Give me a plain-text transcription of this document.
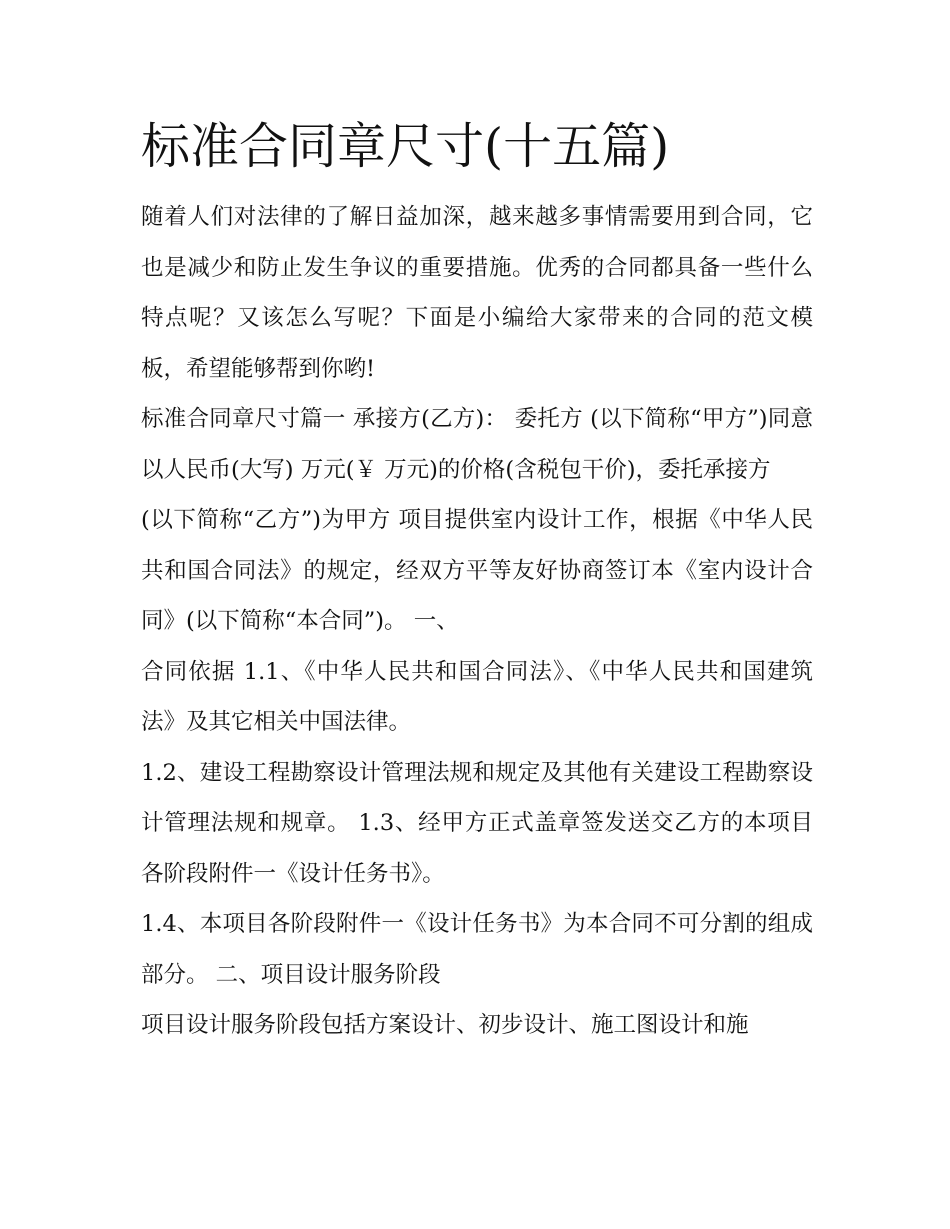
标准合同章尺寸(十五篇)

随着人们对法律的了解日益加深，越来越多事情需要用到合同，它也是减少和防止发生争议的重要措施。优秀的合同都具备一些什么特点呢？又该怎么写呢？下面是小编给大家带来的合同的范文模板，希望能够帮到你哟!

标准合同章尺寸篇一 承接方(乙方)： 委托方 (以下简称“甲方”)同意以人民币(大写) 万元(￥ 万元)的价格(含税包干价)，委托承接方

(以下简称“乙方”)为甲方 项目提供室内设计工作，根据《中华人民共和国合同法》的规定，经双方平等友好协商签订本《室内设计合同》(以下简称“本合同”)。 一、

合同依据 1.1、《中华人民共和国合同法》、《中华人民共和国建筑法》及其它相关中国法律。

1.2、建设工程勘察设计管理法规和规定及其他有关建设工程勘察设计管理法规和规章。 1.3、经甲方正式盖章签发送交乙方的本项目各阶段附件一《设计任务书》。

1.4、本项目各阶段附件一《设计任务书》为本合同不可分割的组成部分。 二、项目设计服务阶段

项目设计服务阶段包括方案设计、初步设计、施工图设计和施
